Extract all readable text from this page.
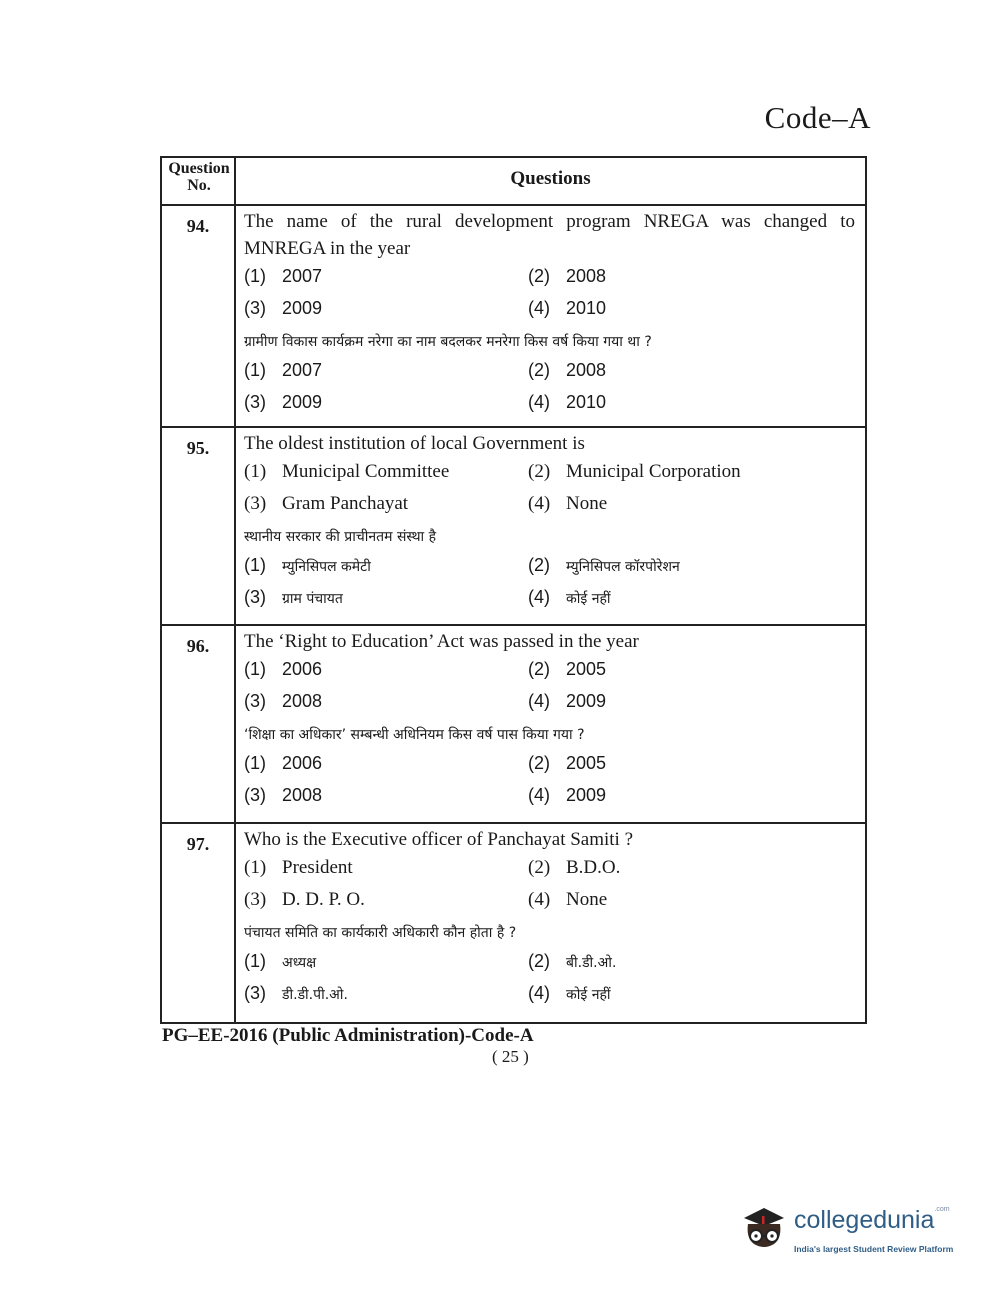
Code–A
Question
No.	Questions
94.	The name of the rural development program NREGA was changed to MNREGA in the year
(1) 2007	(2) 2008
(3) 2009	(4) 2010
ग्रामीण विकास कार्यक्रम नरेगा का नाम बदलकर मनरेगा किस वर्ष किया गया था ?
(1) 2007	(2) 2008
(3) 2009	(4) 2010
95.	The oldest institution of local Government is
(1) Municipal Committee	(2) Municipal Corporation
(3) Gram Panchayat	(4) None
स्थानीय सरकार की प्राचीनतम संस्था है
(1) म्युनिसिपल कमेटी	(2) म्युनिसिपल कॉरपोरेशन
(3) ग्राम पंचायत	(4) कोई नहीं
96.	The ‘Right to Education’ Act was passed in the year
(1) 2006	(2) 2005
(3) 2008	(4) 2009
‘शिक्षा का अधिकार’ सम्बन्धी अधिनियम किस वर्ष पास किया गया ?
(1) 2006	(2) 2005
(3) 2008	(4) 2009
97.	Who is the Executive officer of Panchayat Samiti ?
(1) President	(2) B.D.O.
(3) D. D. P. O.	(4) None
पंचायत समिति का कार्यकारी अधिकारी कौन होता है ?
(1) अध्यक्ष	(2) बी.डी.ओ.
(3) डी.डी.पी.ओ.	(4) कोई नहीं
PG–EE-2016 (Public Administration)-Code-A
( 25 )
collegedunia$^{.com}$
India's largest Student Review Platform
